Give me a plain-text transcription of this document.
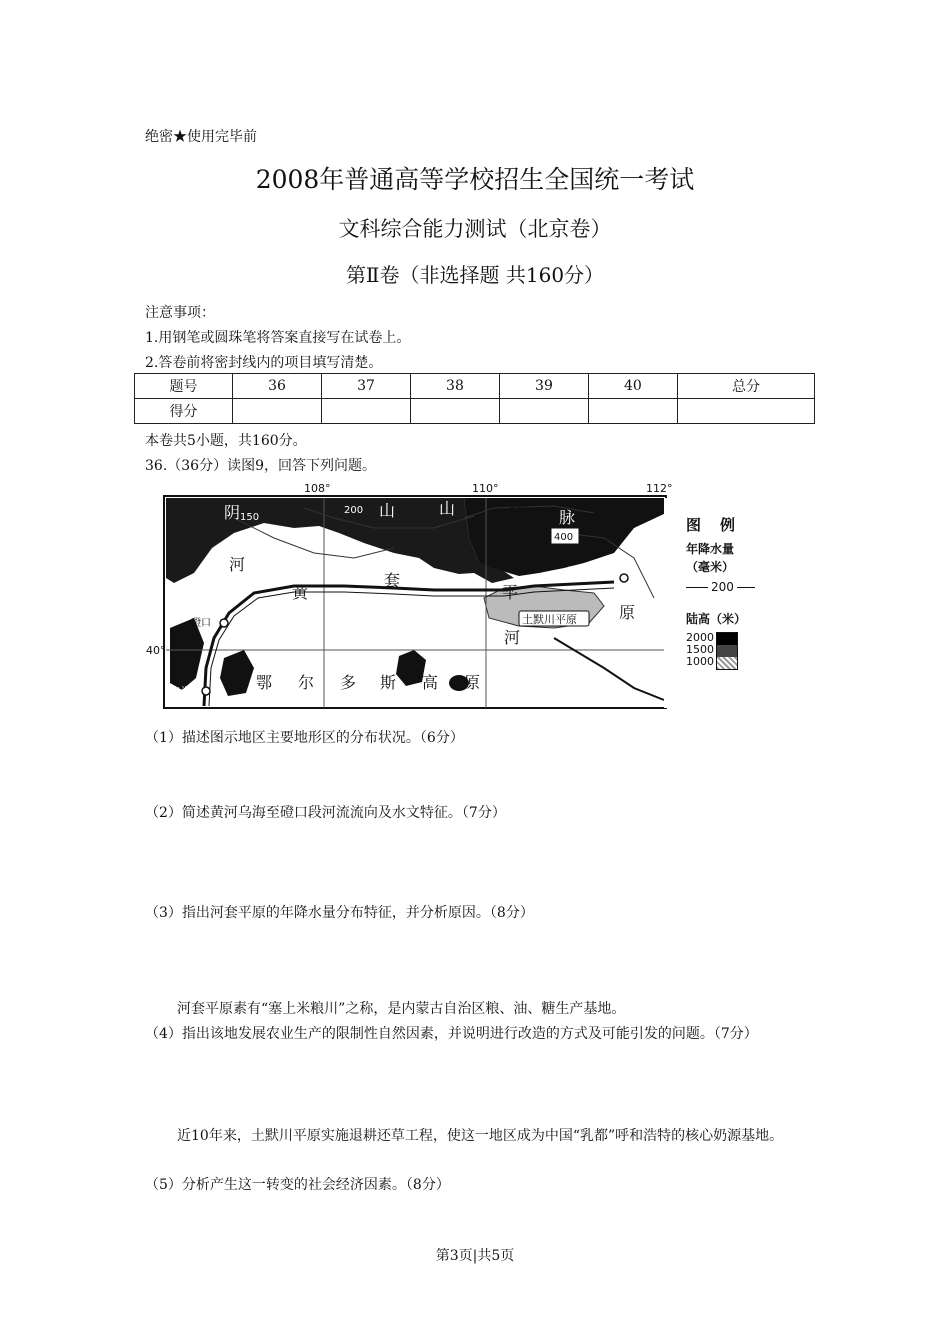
绝密★使用完毕前
2008年普通高等学校招生全国统一考试
文科综合能力测试（北京卷）
第Ⅱ卷（非选择题 共160分）
注意事项：
1.用钢笔或圆珠笔将答案直接写在试卷上。
2.答卷前将密封线内的项目填写清楚。
题号	36	37	38	39	40	总分
得分						
本卷共5小题，共160分。
36.（36分）读图9，回答下列问题。
108°	110°	112°
40°
阴	山	山	脉
150
200	300
400
河
黄
套
平
河
原
鄂 尔 多 斯 高 原
土默川平原
呼和浩特
磴口
乌海
图　例
年降水量
（毫米）
200
陆高（米）
2000
1500
1000
（1）描述图示地区主要地形区的分布状况。（6分）
（2）简述黄河乌海至磴口段河流流向及水文特征。（7分）
（3）指出河套平原的年降水量分布特征，并分析原因。（8分）
河套平原素有“塞上米粮川”之称，是内蒙古自治区粮、油、糖生产基地。
（4）指出该地发展农业生产的限制性自然因素，并说明进行改造的方式及可能引发的问题。（7分）
近10年来，土默川平原实施退耕还草工程，使这一地区成为中国“乳都”呼和浩特的核心奶源基地。
（5）分析产生这一转变的社会经济因素。（8分）
第3页|共5页
